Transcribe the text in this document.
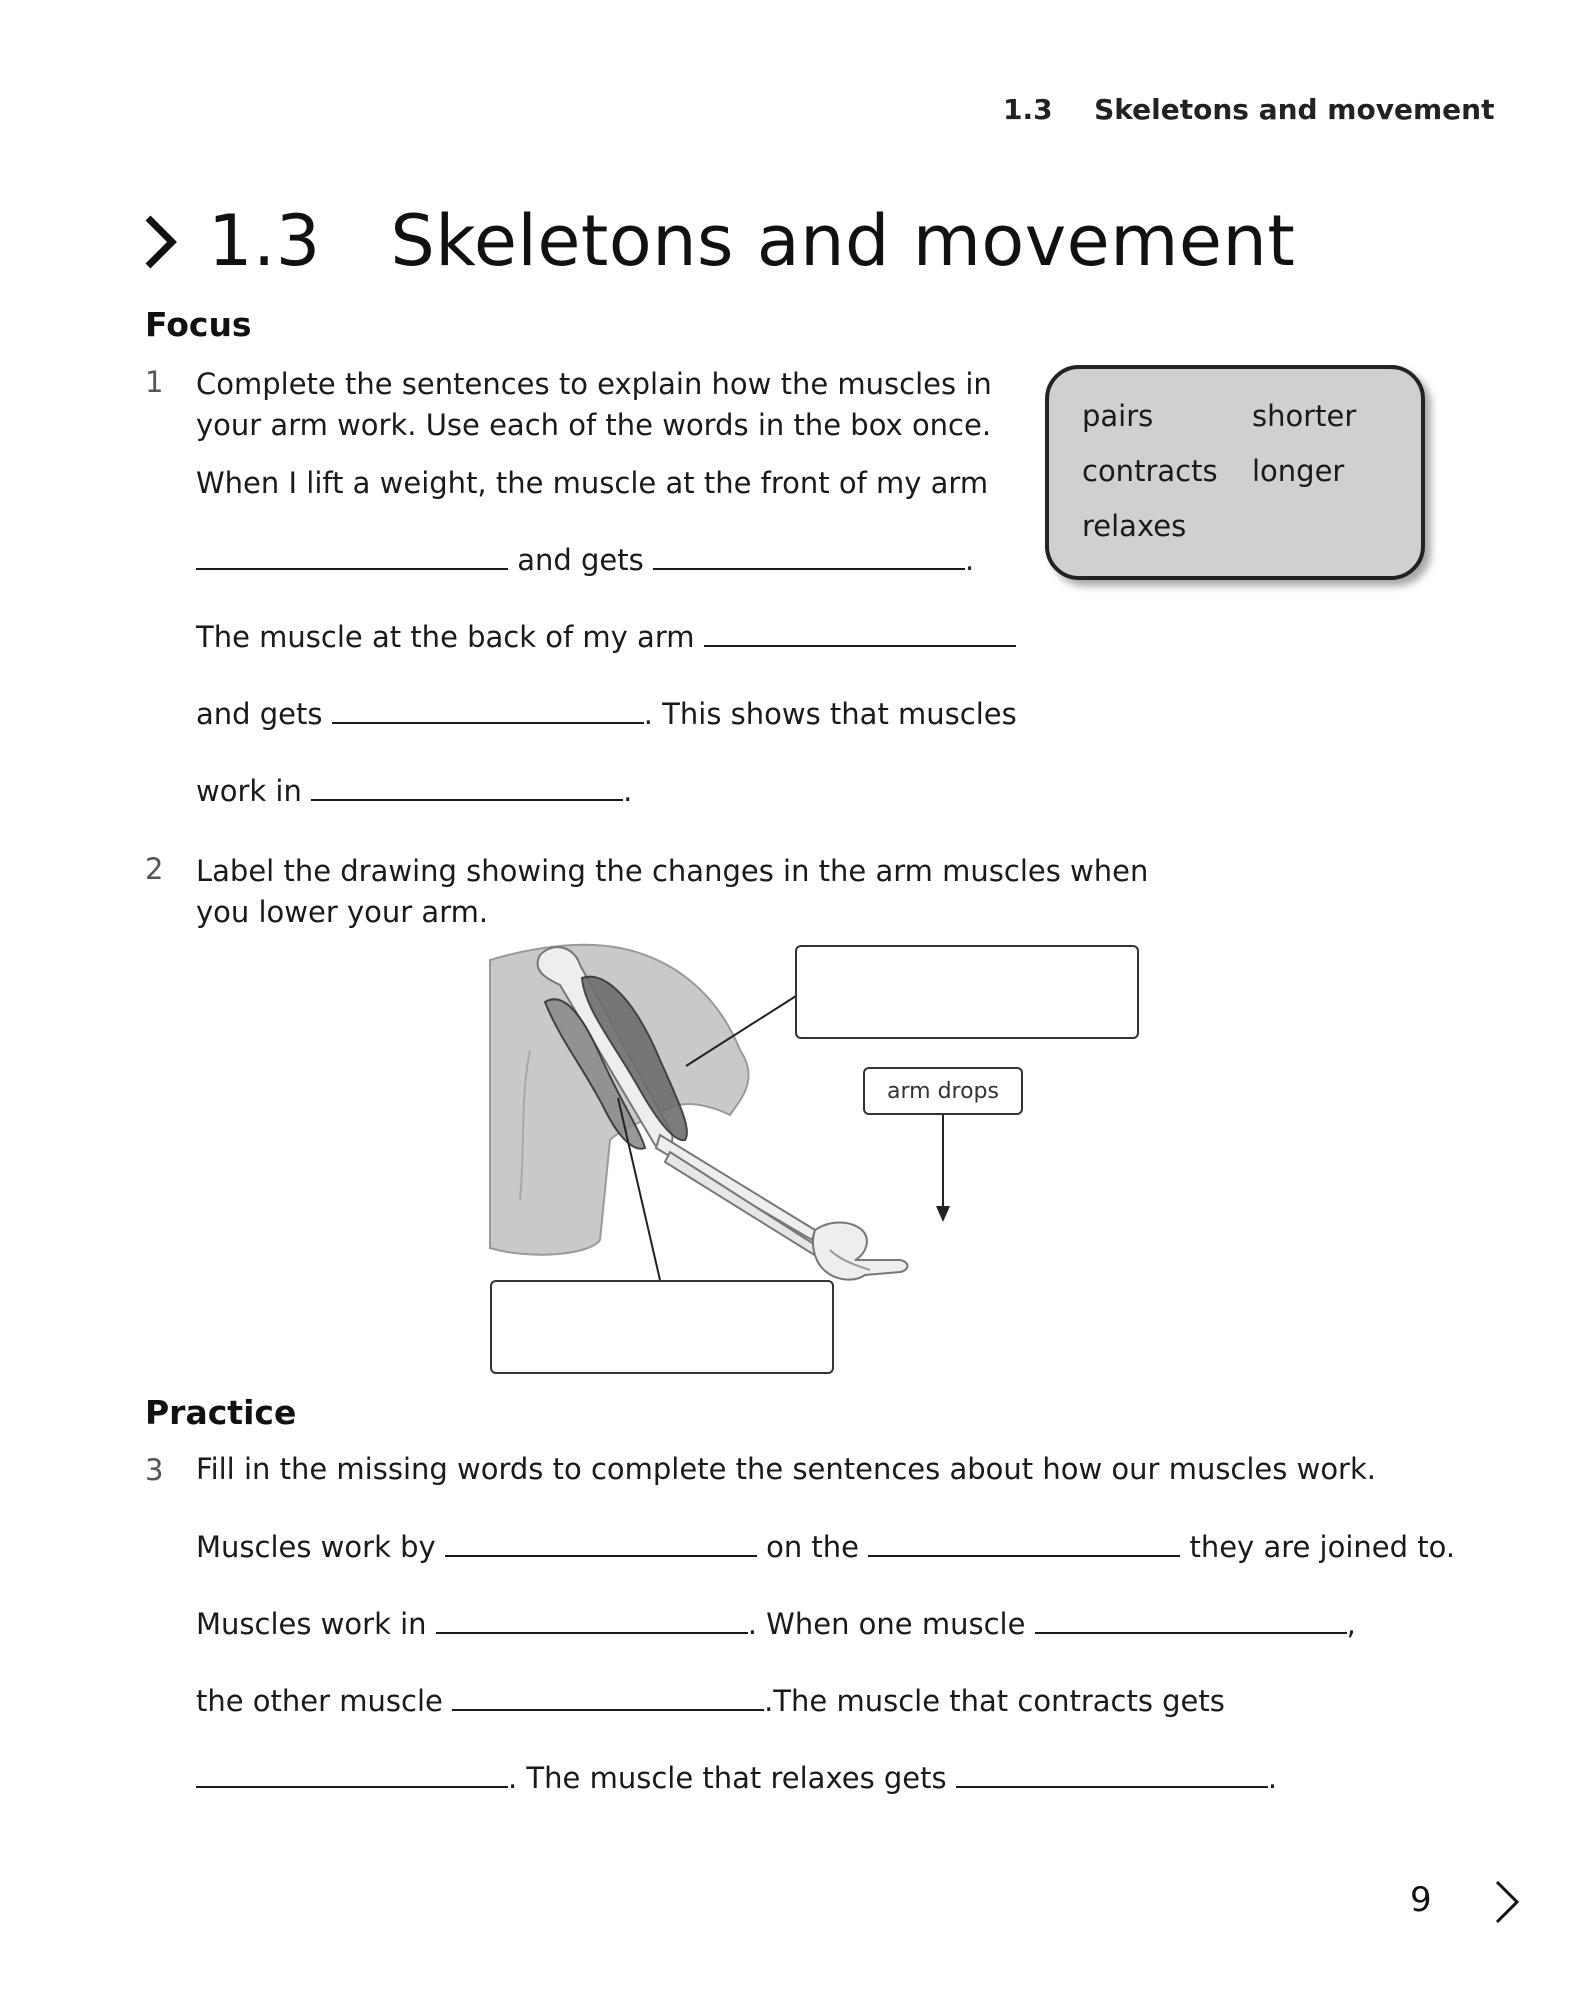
1.3 Skeletons and movement
1.3 Skeletons and movement
Focus
1 Complete the sentences to explain how the muscles in
your arm work. Use each of the words in the box once.
When I lift a weight, the muscle at the front of my arm
and gets	.
The muscle at the back of my arm
and gets	. This shows that muscles
work in	.
pairs	shorter
contracts longer
relaxes
2 Label the drawing showing the changes in the arm muscles when
you lower your arm.
arm drops
Practice
3 Fill in the missing words to complete the sentences about how our muscles work.
Muscles work by	on the	they are joined to.
Muscles work in	. When one muscle	,
the other muscle	.The muscle that contracts gets
. The muscle that relaxes gets	.
9
